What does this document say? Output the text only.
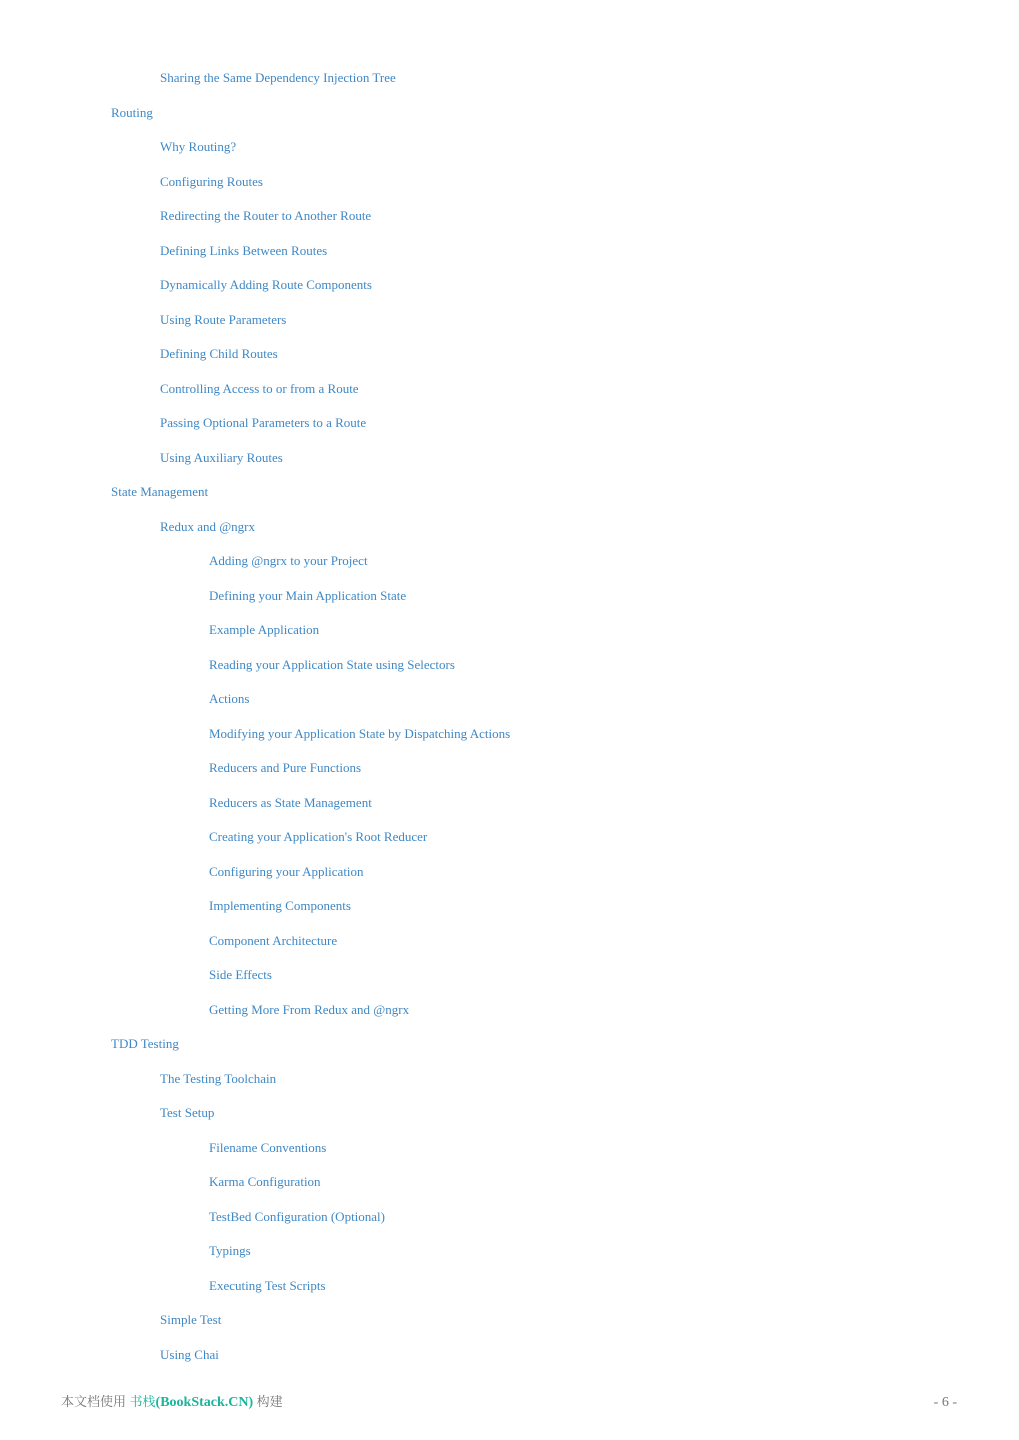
Sharing the Same Dependency Injection Tree
Routing
Why Routing?
Configuring Routes
Redirecting the Router to Another Route
Defining Links Between Routes
Dynamically Adding Route Components
Using Route Parameters
Defining Child Routes
Controlling Access to or from a Route
Passing Optional Parameters to a Route
Using Auxiliary Routes
State Management
Redux and @ngrx
Adding @ngrx to your Project
Defining your Main Application State
Example Application
Reading your Application State using Selectors
Actions
Modifying your Application State by Dispatching Actions
Reducers and Pure Functions
Reducers as State Management
Creating your Application's Root Reducer
Configuring your Application
Implementing Components
Component Architecture
Side Effects
Getting More From Redux and @ngrx
TDD Testing
The Testing Toolchain
Test Setup
Filename Conventions
Karma Configuration
TestBed Configuration (Optional)
Typings
Executing Test Scripts
Simple Test
Using Chai
本文档使用 书栈(BookStack.CN) 构建	- 6 -
